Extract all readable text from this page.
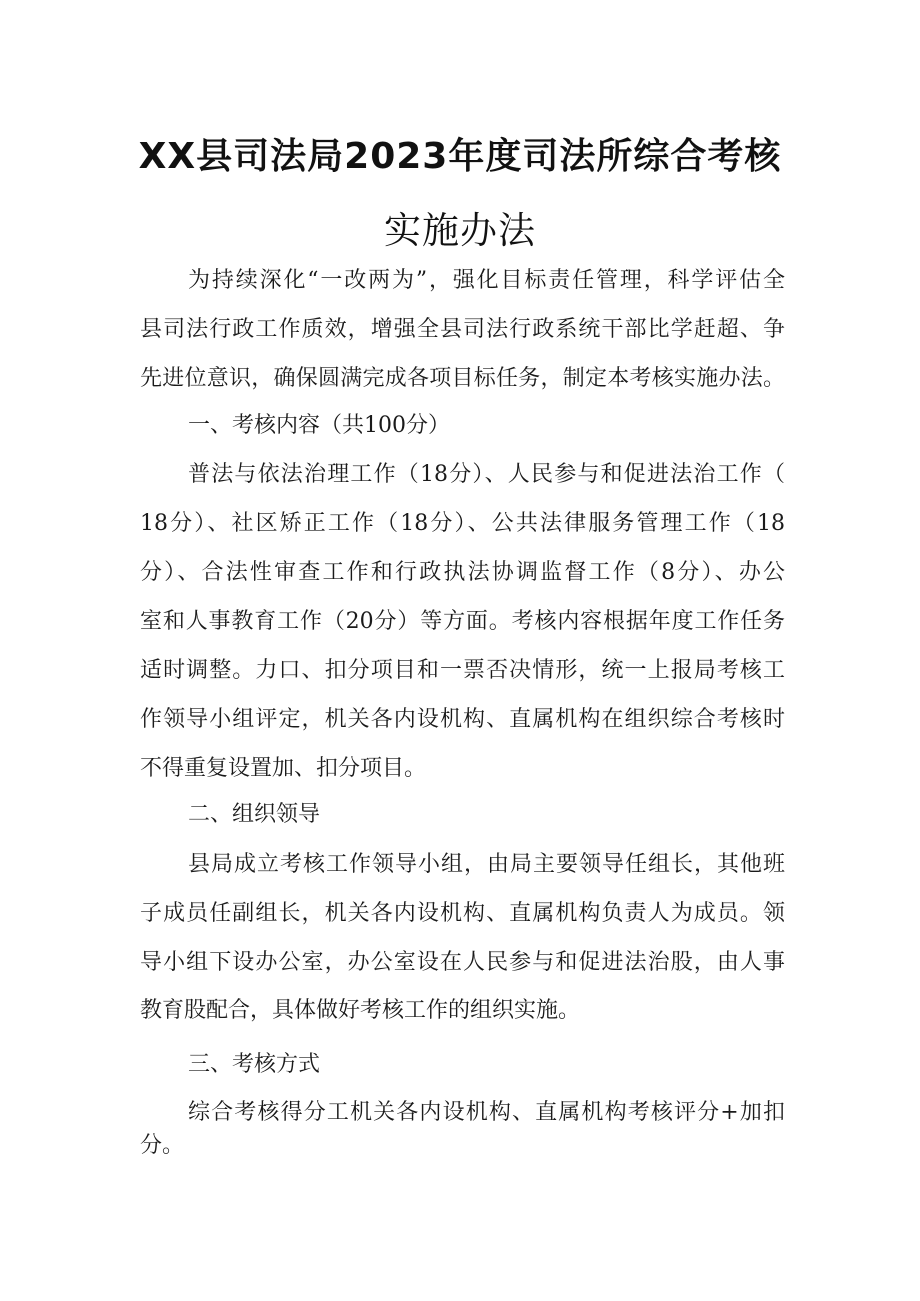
XX县司法局2023年度司法所综合考核
实施办法
为持续深化“一改两为”，强化目标责任管理，科学评估全
县司法行政工作质效，增强全县司法行政系统干部比学赶超、争
先进位意识，确保圆满完成各项目标任务，制定本考核实施办法。
一、考核内容（共100分）
普法与依法治理工作（18分）、人民参与和促进法治工作（
18分）、社区矫正工作（18分）、公共法律服务管理工作（18
分）、合法性审查工作和行政执法协调监督工作（8分）、办公
室和人事教育工作（20分）等方面。考核内容根据年度工作任务
适时调整。力口、扣分项目和一票否决情形，统一上报局考核工
作领导小组评定，机关各内设机构、直属机构在组织综合考核时
不得重复设置加、扣分项目。
二、组织领导
县局成立考核工作领导小组，由局主要领导任组长，其他班
子成员任副组长，机关各内设机构、直属机构负责人为成员。领
导小组下设办公室，办公室设在人民参与和促进法治股，由人事
教育股配合，具体做好考核工作的组织实施。
三、考核方式
综合考核得分工机关各内设机构、直属机构考核评分+加扣
分。
